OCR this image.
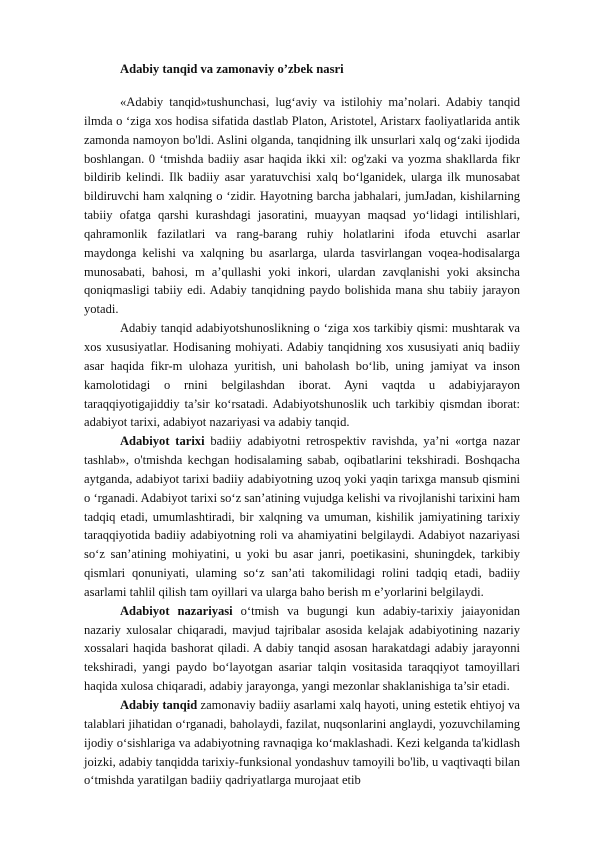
Adabiy tanqid va zamonaviy o’zbek nasri

«Adabiy tanqid»tushunchasi, lug‘aviy va istilohiy ma’nolari. Adabiy tanqid ilmda o ‘ziga xos hodisa sifatida dastlab Platon, Aristotel, Aristarx faoliyatlarida antik zamonda namoyon bo'ldi. Aslini olganda, tanqidning ilk unsurlari xalq og‘zaki ijodida boshlangan. 0 ‘tmishda badiiy asar haqida ikki xil: og'zaki va yozma shakllarda fikr bildirib kelindi. Ilk badiiy asar yaratuvchisi xalq bo‘lganidek, ularga ilk munosabat bildiruvchi ham xalqning o ‘zidir. Hayotning barcha jabhalari, jumJadan, kishilarning tabiiy ofatga qarshi kurashdagi jasoratini, muayyan maqsad yo‘lidagi intilishlari, qahramonlik fazilatlari va rang-barang ruhiy holatlarini ifoda etuvchi asarlar maydonga kelishi va xalqning bu asarlarga, ularda tasvirlangan voqea-hodisalarga munosabati, bahosi, m a’qullashi yoki inkori, ulardan zavqlanishi yoki aksincha qoniqmasligi tabiiy edi. Adabiy tanqidning paydo bolishida mana shu tabiiy jarayon yotadi.

Adabiy tanqid adabiyotshunoslikning o ‘ziga xos tarkibiy qismi: mushtarak va xos xususiyatlar. Hodisaning mohiyati. Adabiy tanqidning xos xususiyati aniq badiiy asar haqida fikr-m ulohaza yuritish, uni baholash bo‘lib, uning jamiyat va inson kamolotidagi o rnini belgilashdan iborat. Ayni vaqtda u adabiyjarayon taraqqiyotigajiddiy ta’sir ko‘rsatadi. Adabiyotshunoslik uch tarkibiy qismdan iborat: adabiyot tarixi, adabiyot nazariyasi va adabiy tanqid.

Adabiyot tarixi badiiy adabiyotni retrospektiv ravishda, ya’ni «ortga nazar tashlab», o'tmishda kechgan hodisalaming sabab, oqibatlarini tekshiradi. Boshqacha aytganda, adabiyot tarixi badiiy adabiyotning uzoq yoki yaqin tarixga mansub qismini o ‘rganadi. Adabiyot tarixi so‘z san’atining vujudga kelishi va rivojlanishi tarixini ham tadqiq etadi, umumlashtiradi, bir xalqning va umuman, kishilik jamiyatining tarixiy taraqqiyotida badiiy adabiyotning roli va ahamiyatini belgilaydi. Adabiyot nazariyasi so‘z san’atining mohiyatini, u yoki bu asar janri, poetikasini, shuningdek, tarkibiy qismlari qonuniyati, ulaming so‘z san’ati takomilidagi rolini tadqiq etadi, badiiy asarlami tahlil qilish tam oyillari va ularga baho berish m e’yorlarini belgilaydi.

Adabiyot nazariyasi o‘tmish va bugungi kun adabiy-tarixiy jaiayonidan nazariy xulosalar chiqaradi, mavjud tajribalar asosida kelajak adabiyotining nazariy xossalari haqida bashorat qiladi. A dabiy tanqid asosan harakatdagi adabiy jarayonni tekshiradi, yangi paydo bo‘layotgan asariar talqin vositasida taraqqiyot tamoyillari haqida xulosa chiqaradi, adabiy jarayonga, yangi mezonlar shaklanishiga ta’sir etadi.

Adabiy tanqid zamonaviy badiiy asarlami xalq hayoti, uning estetik ehtiyoj va talablari jihatidan o‘rganadi, baholaydi, fazilat, nuqsonlarini anglaydi, yozuvchilaming ijodiy o‘sishlariga va adabiyotning ravnaqiga ko‘maklashadi. Kezi kelganda ta'kidlash joizki, adabiy tanqidda tarixiy-funksional yondashuv tamoyili bo'lib, u vaqtivaqti bilan o‘tmishda yaratilgan badiiy qadriyatlarga murojaat etib
